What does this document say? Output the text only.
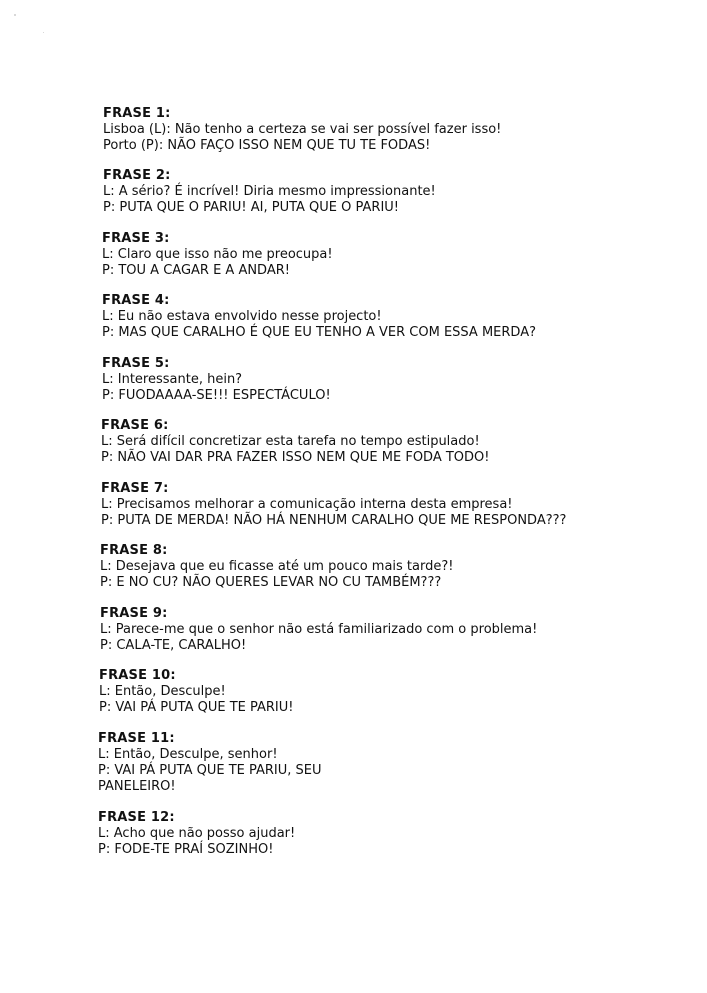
FRASE 1:
Lisboa (L): Não tenho a certeza se vai ser possível fazer isso!
Porto (P): NÃO FAÇO ISSO NEM QUE TU TE FODAS!
FRASE 2:
L: A sério? É incrível! Diria mesmo impressionante!
P: PUTA QUE O PARIU! AI, PUTA QUE O PARIU!
FRASE 3:
L: Claro que isso não me preocupa!
P: TOU A CAGAR E A ANDAR!
FRASE 4:
L: Eu não estava envolvido nesse projecto!
P: MAS QUE CARALHO É QUE EU TENHO A VER COM ESSA MERDA?
FRASE 5:
L: Interessante, hein?
P: FUODAAAA-SE!!! ESPECTÁCULO!
FRASE 6:
L: Será difícil concretizar esta tarefa no tempo estipulado!
P: NÃO VAI DAR PRA FAZER ISSO NEM QUE ME FODA TODO!
FRASE 7:
L: Precisamos melhorar a comunicação interna desta empresa!
P: PUTA DE MERDA! NÃO HÁ NENHUM CARALHO QUE ME RESPONDA???
FRASE 8:
L: Desejava que eu ficasse até um pouco mais tarde?!
P: E NO CU? NÃO QUERES LEVAR NO CU TAMBÉM???
FRASE 9:
L: Parece-me que o senhor não está familiarizado com o problema!
P: CALA-TE, CARALHO!
FRASE 10:
L: Então, Desculpe!
P: VAI PÁ PUTA QUE TE PARIU!
FRASE 11:
L: Então, Desculpe, senhor!
P: VAI PÁ PUTA QUE TE PARIU, SEU
PANELEIRO!
FRASE 12:
L: Acho que não posso ajudar!
P: FODE-TE PRAÍ SOZINHO!
